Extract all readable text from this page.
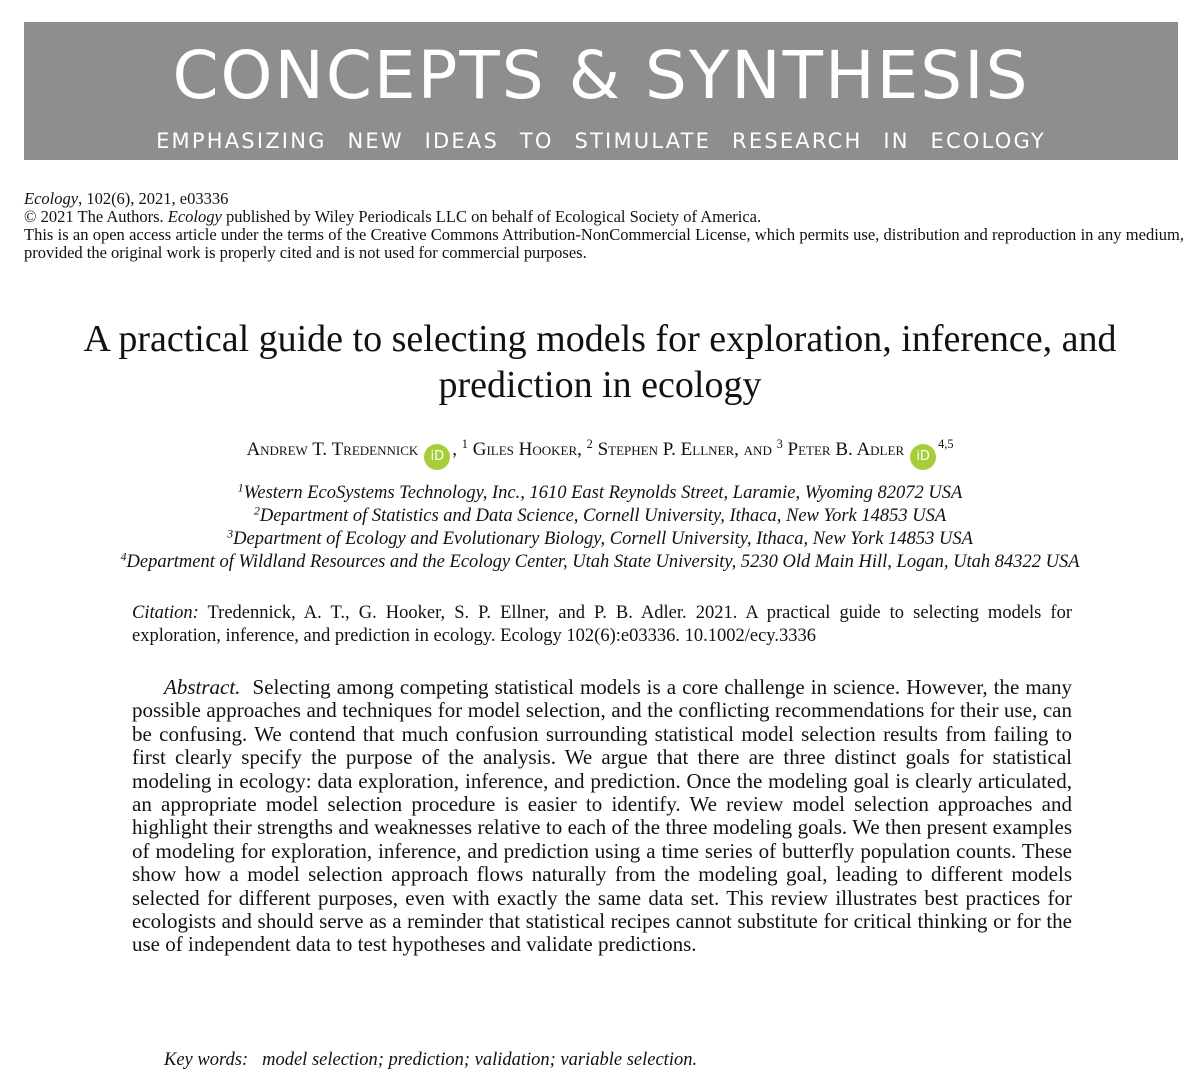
CONCEPTS & SYNTHESIS
EMPHASIZING NEW IDEAS TO STIMULATE RESEARCH IN ECOLOGY
Ecology, 102(6), 2021, e03336
© 2021 The Authors. Ecology published by Wiley Periodicals LLC on behalf of Ecological Society of America.
This is an open access article under the terms of the Creative Commons Attribution-NonCommercial License, which permits use, distribution and reproduction in any medium, provided the original work is properly cited and is not used for commercial purposes.
A practical guide to selecting models for exploration, inference, and prediction in ecology
Andrew T. Tredennick iD , $^1$ Giles Hooker, $^2$ Stephen P. Ellner, and $^3$ Peter B. Adler iD$^{4,5}$
$^1$Western EcoSystems Technology, Inc., 1610 East Reynolds Street, Laramie, Wyoming 82072 USA
$^2$Department of Statistics and Data Science, Cornell University, Ithaca, New York 14853 USA
$^3$Department of Ecology and Evolutionary Biology, Cornell University, Ithaca, New York 14853 USA
$^4$Department of Wildland Resources and the Ecology Center, Utah State University, 5230 Old Main Hill, Logan, Utah 84322 USA
Citation: Tredennick, A. T., G. Hooker, S. P. Ellner, and P. B. Adler. 2021. A practical guide to selecting models for exploration, inference, and prediction in ecology. Ecology 102(6):e03336. 10.1002/ecy.3336
Abstract. Selecting among competing statistical models is a core challenge in science. However, the many possible approaches and techniques for model selection, and the conflicting recommendations for their use, can be confusing. We contend that much confusion surrounding statistical model selection results from failing to first clearly specify the purpose of the analysis. We argue that there are three distinct goals for statistical modeling in ecology: data exploration, inference, and prediction. Once the modeling goal is clearly articulated, an appropriate model selection procedure is easier to identify. We review model selection approaches and highlight their strengths and weaknesses relative to each of the three modeling goals. We then present examples of modeling for exploration, inference, and prediction using a time series of butterfly population counts. These show how a model selection approach flows naturally from the modeling goal, leading to different models selected for different purposes, even with exactly the same data set. This review illustrates best practices for ecologists and should serve as a reminder that statistical recipes cannot substitute for critical thinking or for the use of independent data to test hypotheses and validate predictions.
Key words: model selection; prediction; validation; variable selection.
